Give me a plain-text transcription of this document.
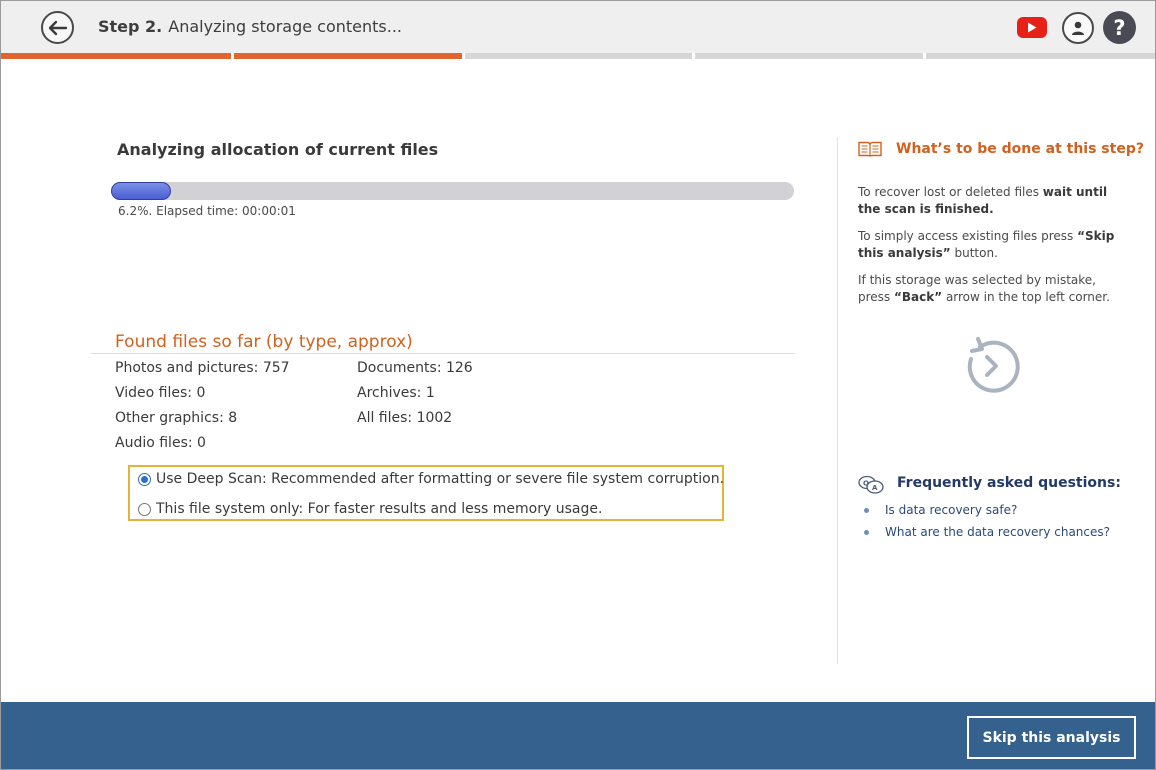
Step 2. Analyzing storage contents...	?
Analyzing allocation of current files
6.2%. Elapsed time: 00:00:01
Found files so far (by type, approx)
Photos and pictures: 757
Video files: 0
Other graphics: 8
Audio files: 0
Documents: 126
Archives: 1
All files: 1002
Use Deep Scan: Recommended after formatting or severe file system corruption.
This file system only: For faster results and less memory usage.
What’s to be done at this step?
To recover lost or deleted files wait until the scan is finished.
To simply access existing files press “Skip this analysis” button.
If this storage was selected by mistake, press “Back” arrow in the top left corner.
Q
A Frequently asked questions:
Is data recovery safe?
What are the data recovery chances?
Skip this analysis
